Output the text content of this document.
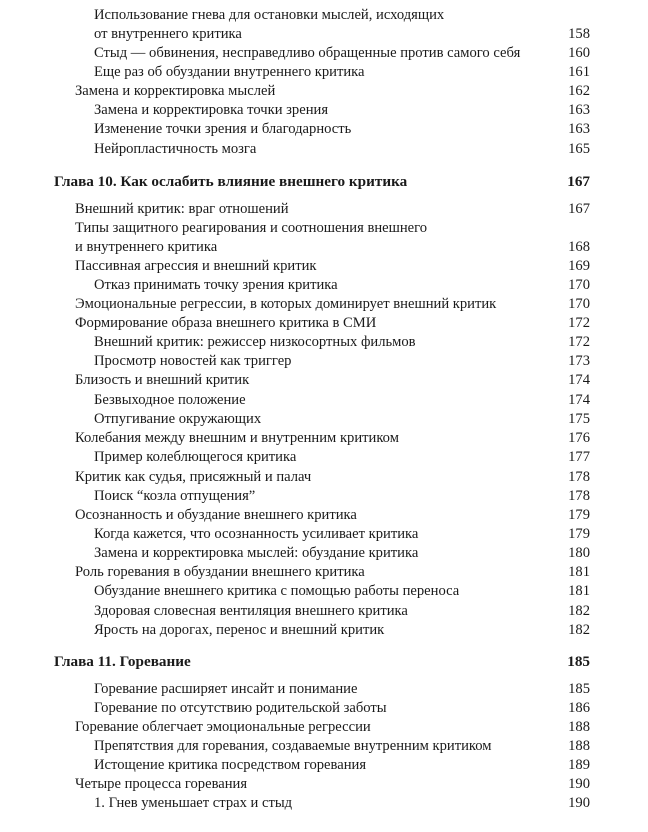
Использование гнева для остановки мыслей, исходящих
от внутреннего критика	158
Стыд — обвинения, несправедливо обращенные против самого себя	160
Еще раз об обуздании внутреннего критика	161
Замена и корректировка мыслей	162
Замена и корректировка точки зрения	163
Изменение точки зрения и благодарность	163
Нейропластичность мозга	165
Глава 10. Как ослабить влияние внешнего критика	167
Внешний критик: враг отношений	167
Типы защитного реагирования и соотношения внешнего
и внутреннего критика	168
Пассивная агрессия и внешний критик	169
Отказ принимать точку зрения критика	170
Эмоциональные регрессии, в которых доминирует внешний критик	170
Формирование образа внешнего критика в СМИ	172
Внешний критик: режиссер низкосортных фильмов	172
Просмотр новостей как триггер	173
Близость и внешний критик	174
Безвыходное положение	174
Отпугивание окружающих	175
Колебания между внешним и внутренним критиком	176
Пример колеблющегося критика	177
Критик как судья, присяжный и палач	178
Поиск “козла отпущения”	178
Осознанность и обуздание внешнего критика	179
Когда кажется, что осознанность усиливает критика	179
Замена и корректировка мыслей: обуздание критика	180
Роль горевания в обуздании внешнего критика	181
Обуздание внешнего критика с помощью работы переноса	181
Здоровая словесная вентиляция внешнего критика	182
Ярость на дорогах, перенос и внешний критик	182
Глава 11. Горевание	185
Горевание расширяет инсайт и понимание	185
Горевание по отсутствию родительской заботы	186
Горевание облегчает эмоциональные регрессии	188
Препятствия для горевания, создаваемые внутренним критиком	188
Истощение критика посредством горевания	189
Четыре процесса горевания	190
1. Гнев уменьшает страх и стыд	190
